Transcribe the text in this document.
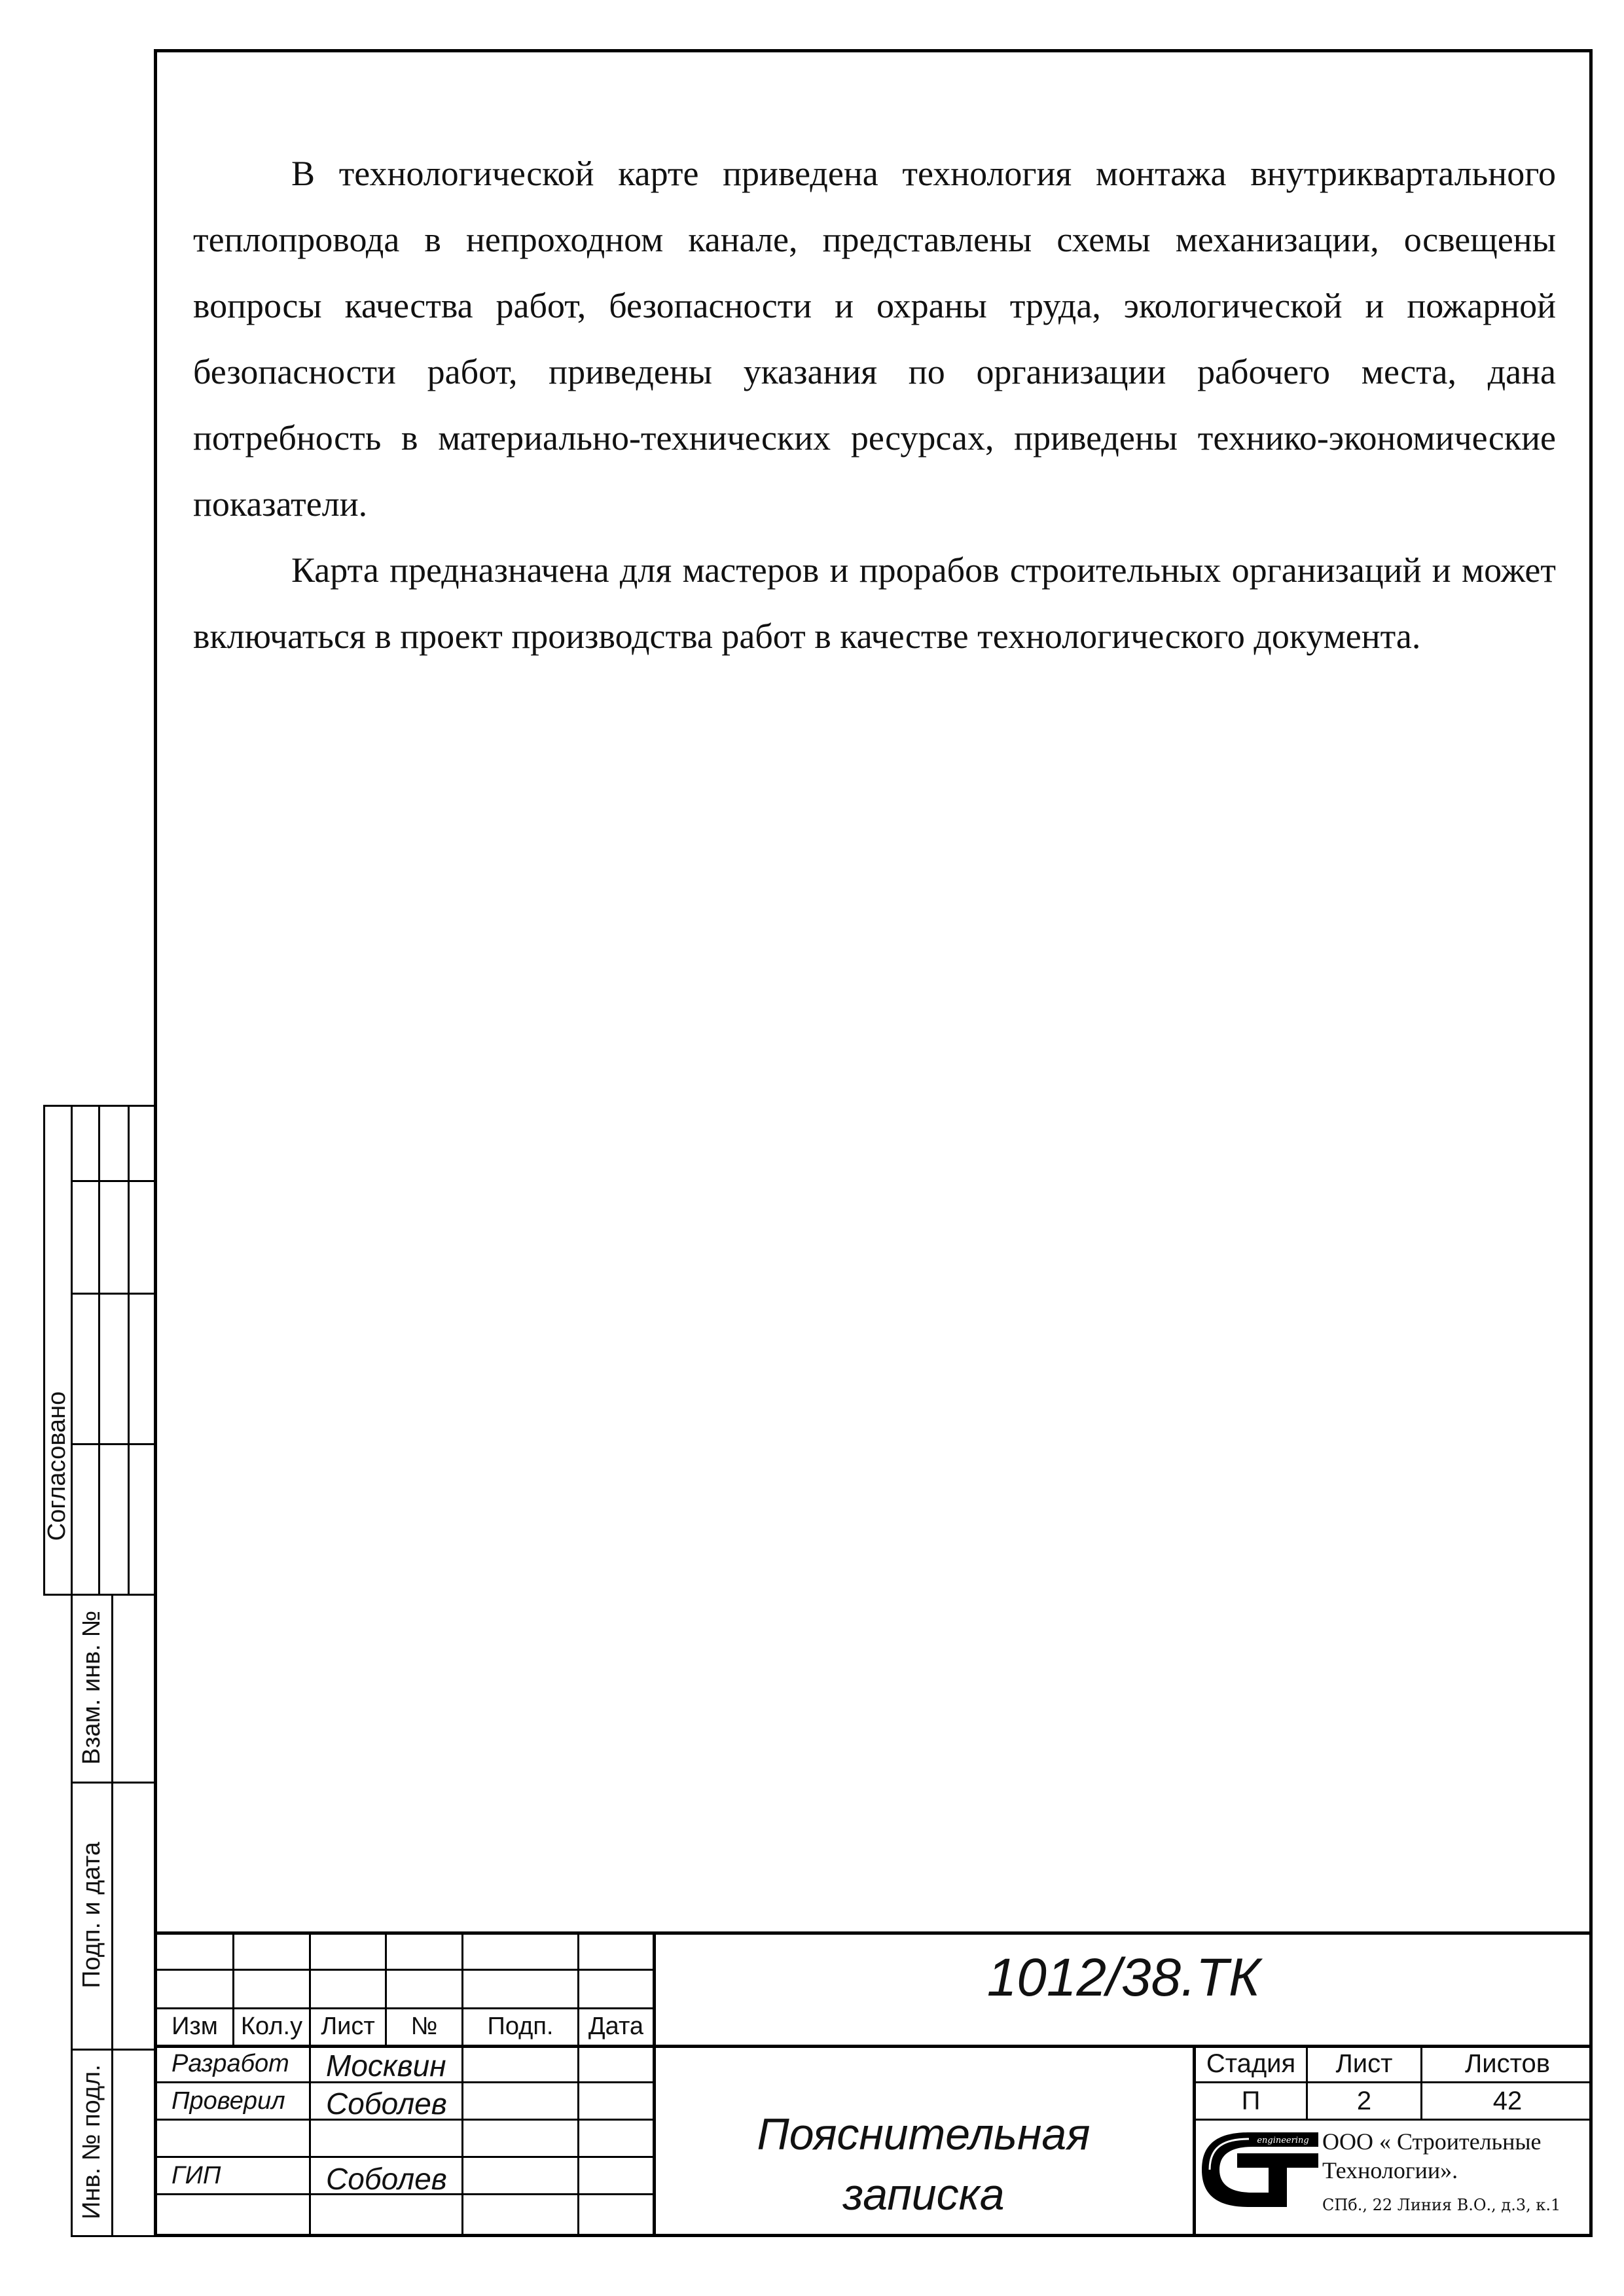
В технологической карте приведена технология монтажа внутриквартального теплопровода в непроходном канале, представлены схемы механизации, освещены вопросы качества работ, безопасности и охраны труда, экологической и пожарной безопасности работ, приведены указания по организации рабочего места, дана потребность в материально-технических ресурсах, приведены технико-экономические показатели.

Карта предназначена для мастеров и прорабов строительных организаций и может включаться в проект производства работ в качестве технологического документа.

Согласовано
Взам. инв. №
Подп. и дата
Инв. № подл.
Изм Кол.у Лист	№	Подп.	Дата
Разработ	Москвин
Проверил	Соболев
ГИП	Соболев
1012/38.ТК
Пояснительная
записка
Стадия	Лист	Листов
П	2	42
engineering ООО « Строительные
Технологии».
СПб., 22 Линия В.О., д.3, к.1
